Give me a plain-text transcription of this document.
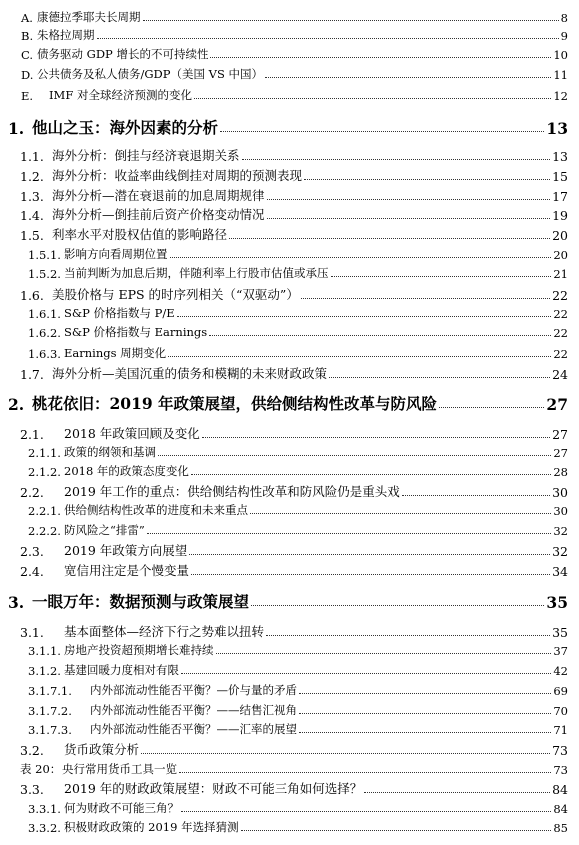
A. 康德拉季耶夫长周期	8
B. 朱格拉周期	9
C. 债务驱动 GDP 增长的不可持续性	10
D. 公共债务及私人债务/GDP（美国 VS 中国）	11
E.	IMF 对全球经济预测的变化	12
1. 他山之玉：海外因素的分析	13
1.1. 海外分析：倒挂与经济衰退期关系	13
1.2. 海外分析：收益率曲线倒挂对周期的预测表现	15
1.3. 海外分析—潜在衰退前的加息周期规律	17
1.4. 海外分析—倒挂前后资产价格变动情况	19
1.5. 利率水平对股权估值的影响路径	20
1.5.1. 影响方向看周期位置	20
1.5.2. 当前判断为加息后期，伴随利率上行股市估值或承压	21
1.6. 美股价格与 EPS 的时序列相关（“双驱动”）	22
1.6.1. S&P 价格指数与 P/E	22
1.6.2. S&P 价格指数与 Earnings	22
1.6.3. Earnings 周期变化	22
1.7. 海外分析—美国沉重的债务和模糊的未来财政政策	24
2. 桃花依旧：2019 年政策展望，供给侧结构性改革与防风险	27
2.1.	2018 年政策回顾及变化	27
2.1.1. 政策的纲领和基调	27
2.1.2. 2018 年的政策态度变化	28
2.2.	2019 年工作的重点：供给侧结构性改革和防风险仍是重头戏	30
2.2.1. 供给侧结构性改革的进度和未来重点	30
2.2.2. 防风险之“排雷”	32
2.3.	2019 年政策方向展望	32
2.4.	宽信用注定是个慢变量	34
3. 一眼万年：数据预测与政策展望	35
3.1.	基本面整体—经济下行之势难以扭转	35
3.1.1. 房地产投资超预期增长难持续	37
3.1.2. 基建回暖力度相对有限	42
3.1.7.1.	内外部流动性能否平衡？—价与量的矛盾	69
3.1.7.2.	内外部流动性能否平衡？——结售汇视角	70
3.1.7.3.	内外部流动性能否平衡？——汇率的展望	71
3.2.	货币政策分析	73
表 20： 央行常用货币工具一览	73
3.3.	2019 年的财政政策展望：财政不可能三角如何选择？	84
3.3.1. 何为财政不可能三角？	84
3.3.2. 积极财政政策的 2019 年选择猜测	85
